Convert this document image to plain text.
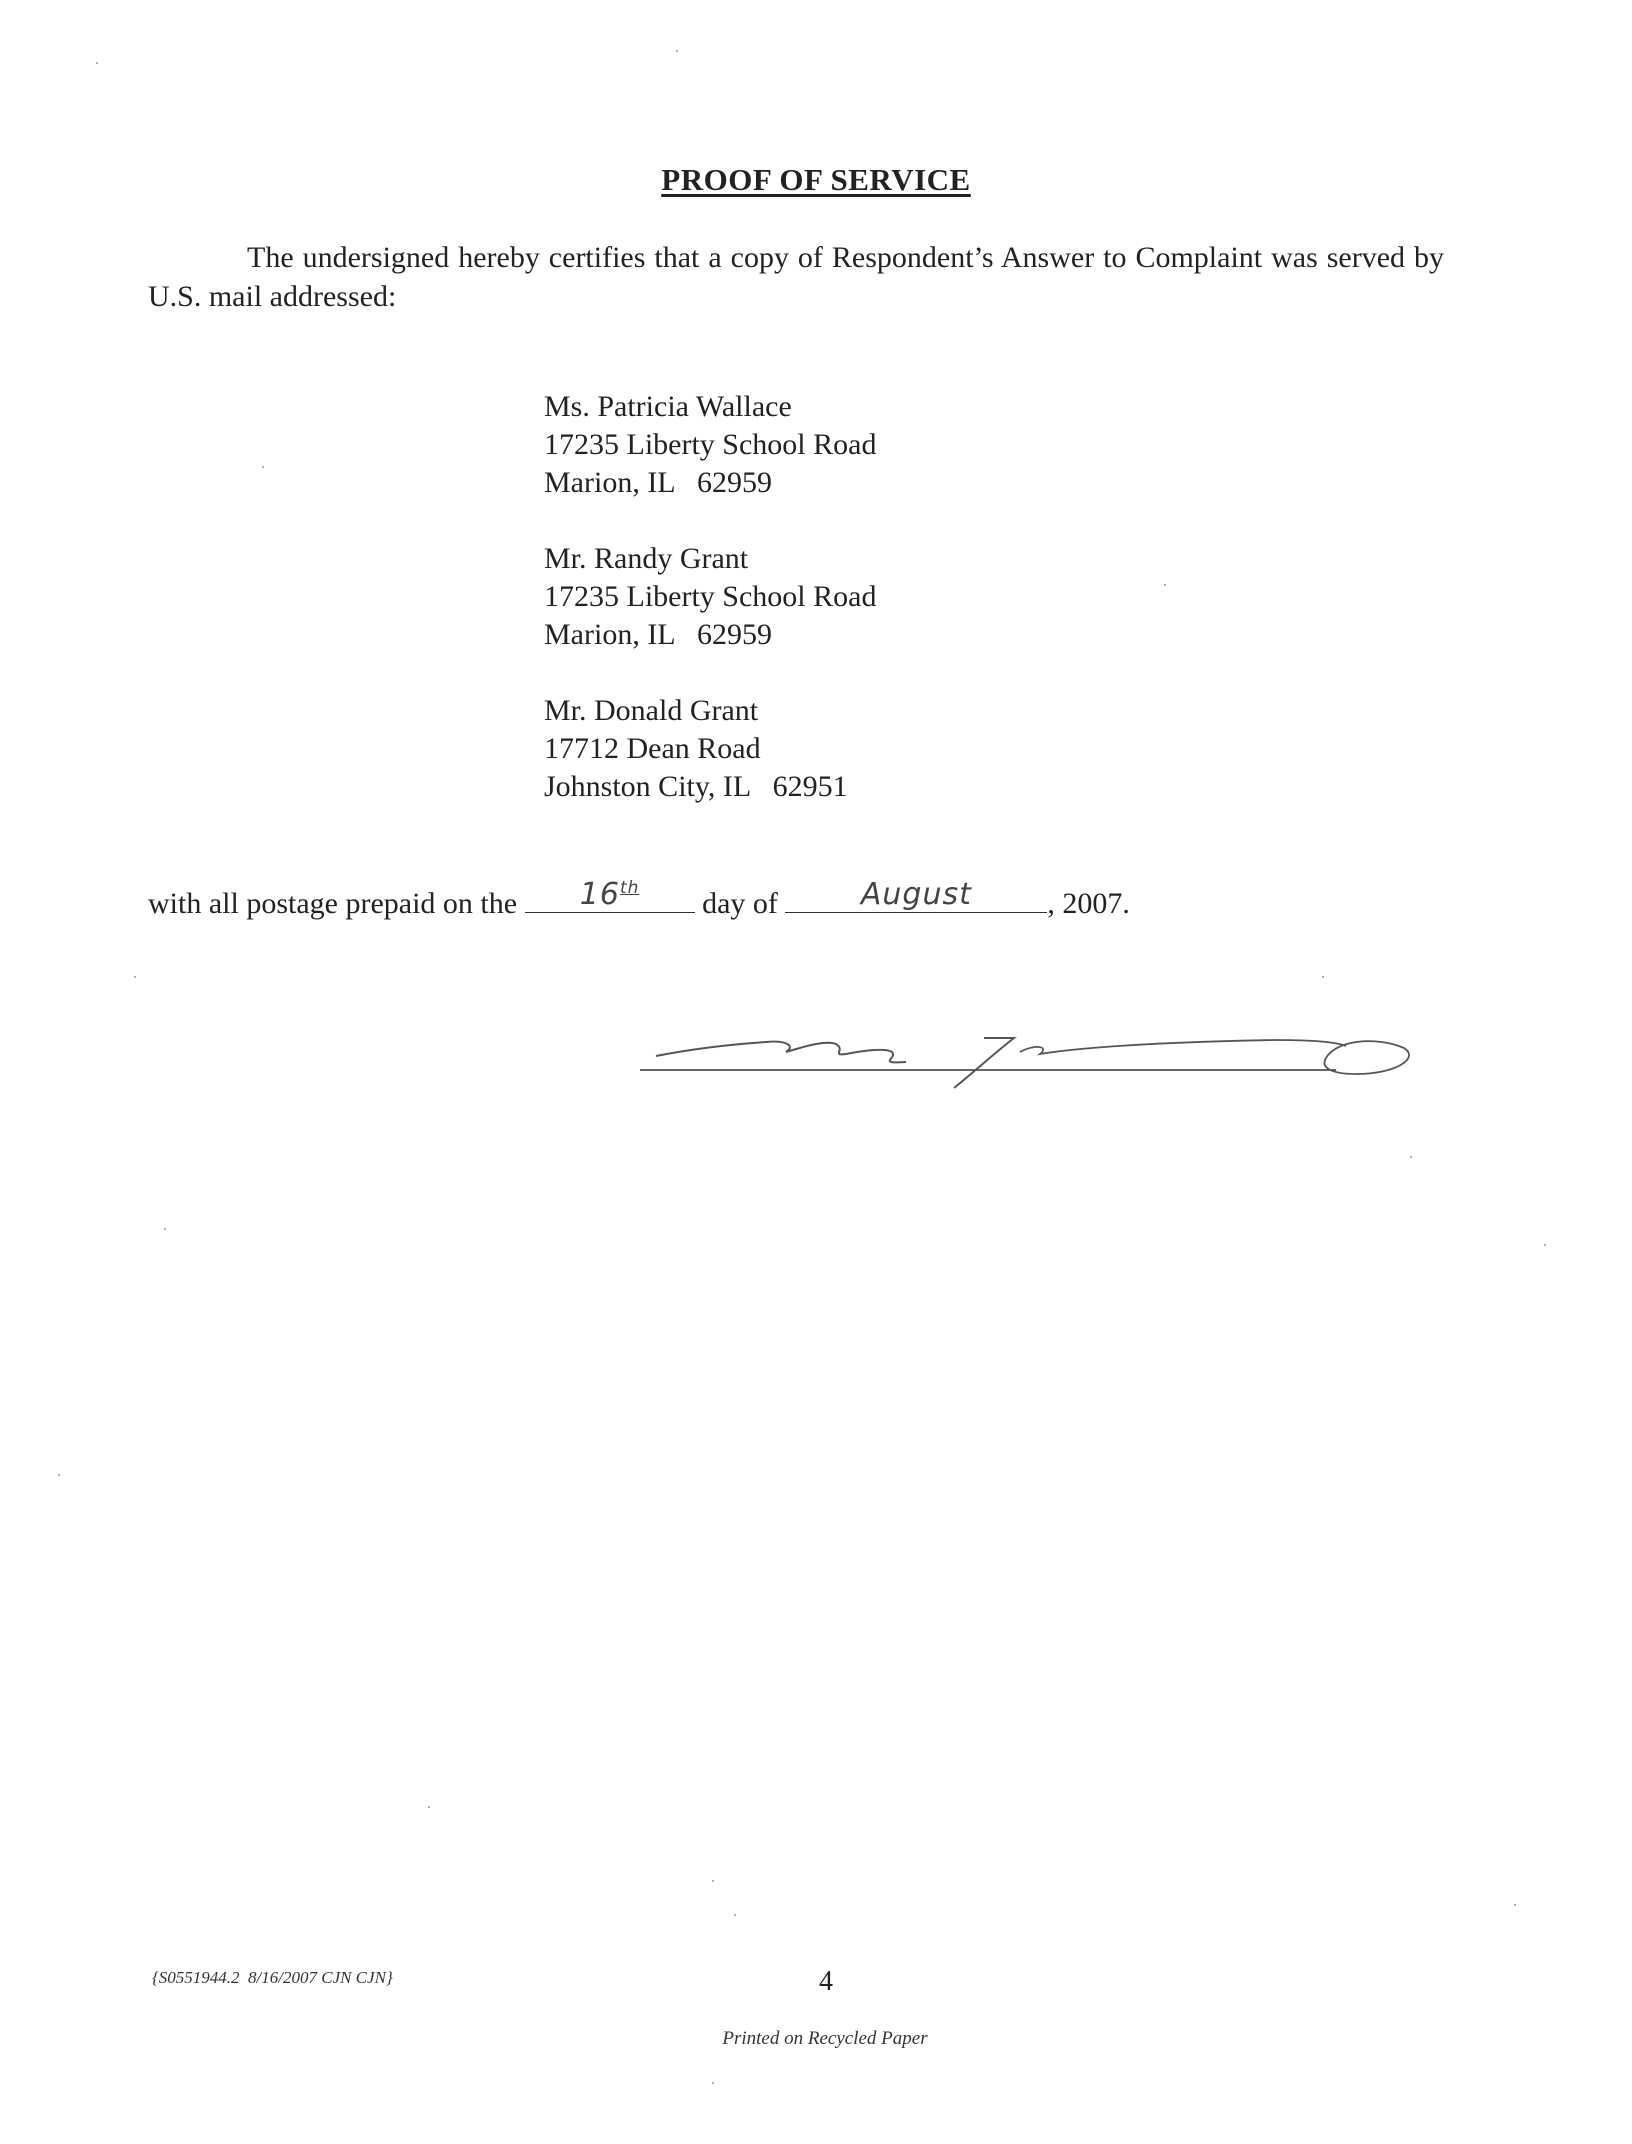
PROOF OF SERVICE
The undersigned hereby certifies that a copy of Respondent’s Answer to Complaint was served by U.S. mail addressed:
Ms. Patricia Wallace
17235 Liberty School Road
Marion, IL   62959
Mr. Randy Grant
17235 Liberty School Road
Marion, IL   62959
Mr. Donald Grant
17712 Dean Road
Johnston City, IL   62951
with all postage prepaid on the	16th	day of	August	, 2007.
{S0551944.2  8/16/2007 CJN CJN}	4
Printed on Recycled Paper
